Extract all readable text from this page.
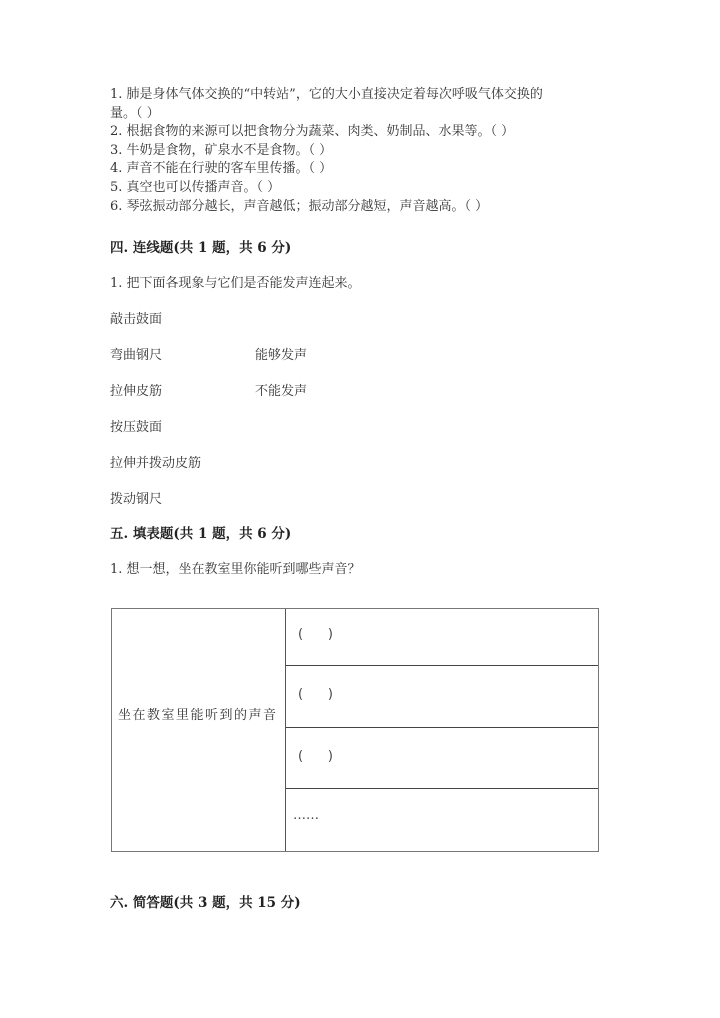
1. 肺是身体气体交换的“中转站”，它的大小直接决定着每次呼吸气体交换的
量。（ ）
2. 根据食物的来源可以把食物分为蔬菜、肉类、奶制品、水果等。（ ）
3. 牛奶是食物，矿泉水不是食物。（ ）
4. 声音不能在行驶的客车里传播。（ ）
5. 真空也可以传播声音。（ ）
6. 琴弦振动部分越长，声音越低；振动部分越短，声音越高。（ ）
四. 连线题(共 1 题，共 6 分)
1. 把下面各现象与它们是否能发声连起来。
敲击鼓面
弯曲钢尺
拉伸皮筋
按压鼓面
拉伸并拨动皮筋
拨动钢尺
能够发声
不能发声
五. 填表题(共 1 题，共 6 分)
1. 想一想，坐在教室里你能听到哪些声音？
坐在教室里能听到的声音
(      )
(      )
(      )
……
六. 简答题(共 3 题，共 15 分)
